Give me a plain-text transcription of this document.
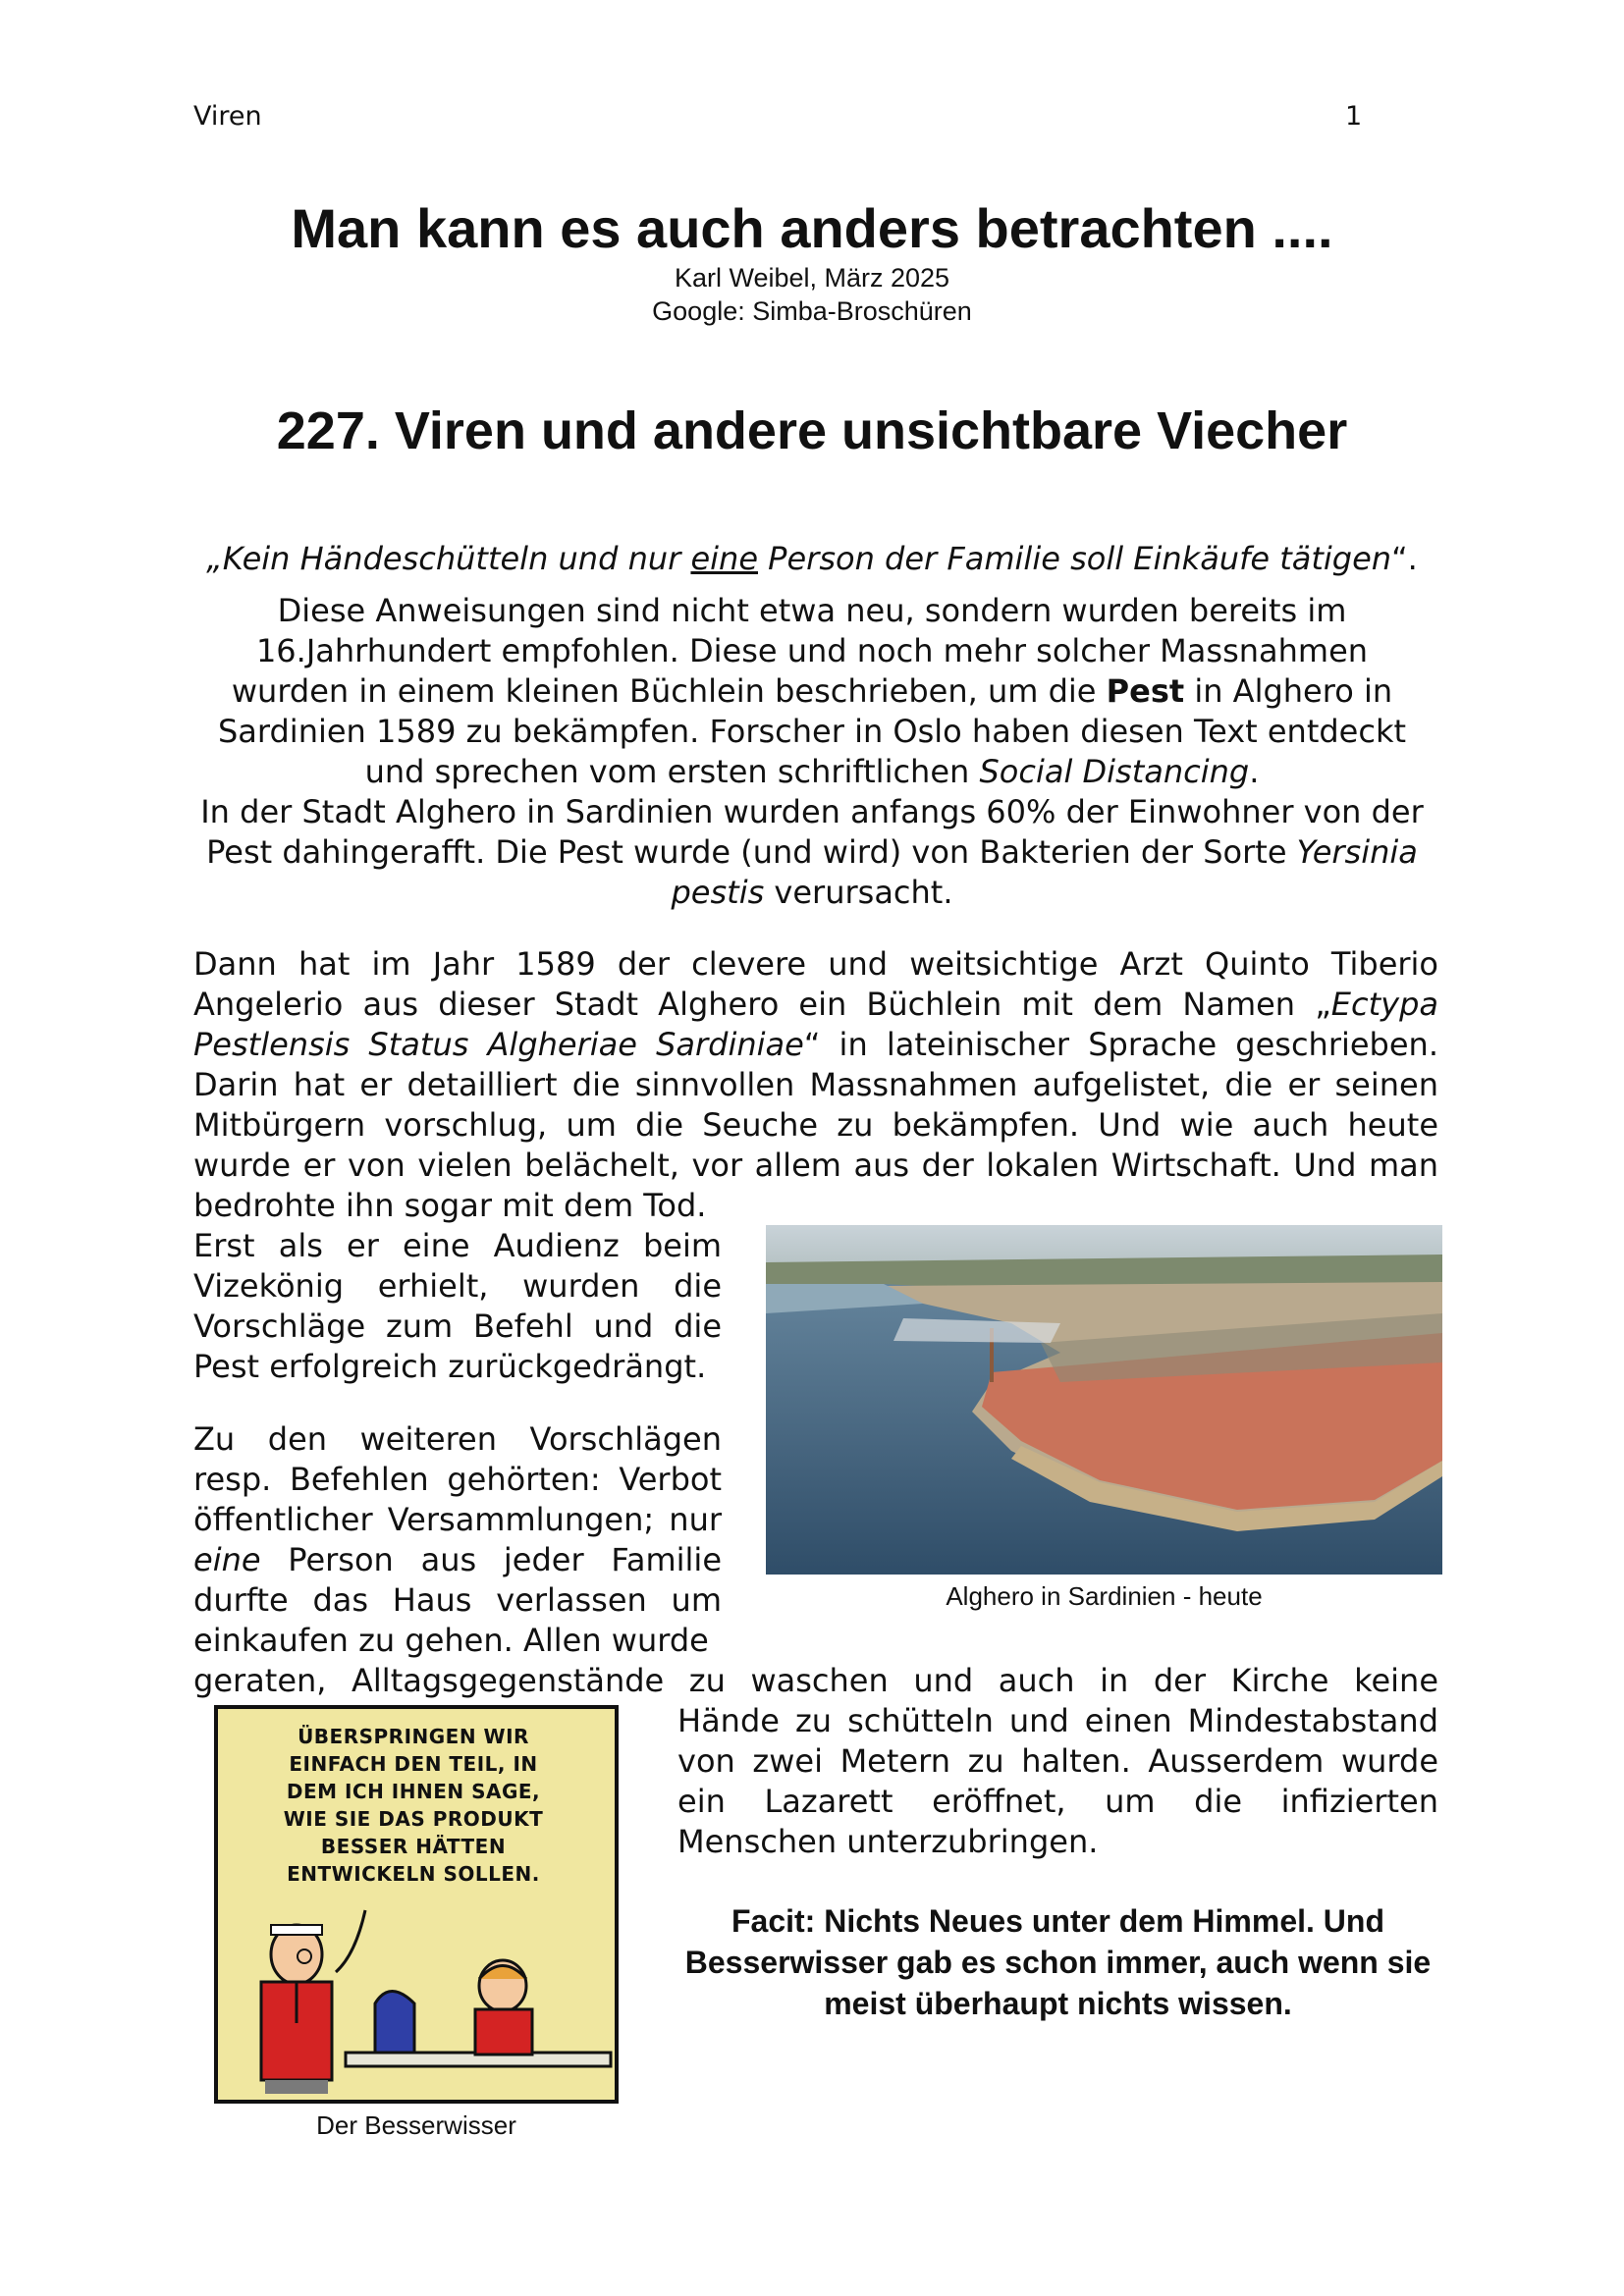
Viren	1
Man kann es auch anders betrachten ....
Karl Weibel, März 2025
Google: Simba-Broschüren
227. Viren und andere unsichtbare Viecher
„Kein Händeschütteln und nur eine Person der Familie soll Einkäufe tätigen“.

Diese Anweisungen sind nicht etwa neu, sondern wurden bereits im 16.Jahrhundert empfohlen. Diese und noch mehr solcher Massnahmen wurden in einem kleinen Büchlein beschrieben, um die Pest in Alghero in Sardinien 1589 zu bekämpfen. Forscher in Oslo haben diesen Text entdeckt und sprechen vom ersten schriftlichen Social Distancing.

In der Stadt Alghero in Sardinien wurden anfangs 60% der Einwohner von der Pest dahingerafft. Die Pest wurde (und wird) von Bakterien der Sorte Yersinia pestis verursacht.

Dann hat im Jahr 1589 der clevere und weitsichtige Arzt Quinto Tiberio Angelerio aus dieser Stadt Alghero ein Büchlein mit dem Namen „Ectypa Pestlensis Status Algheriae Sardiniae“ in lateinischer Sprache geschrieben. Darin hat er detailliert die sinnvollen Massnahmen aufgelistet, die er seinen Mitbürgern vorschlug, um die Seuche zu bekämpfen. Und wie auch heute wurde er von vielen belächelt, vor allem aus der lokalen Wirtschaft. Und man

bedrohte ihn sogar mit dem Tod.

Erst als er eine Audienz beim Vizekönig erhielt, wurden die Vorschläge zum Befehl und die Pest erfolgreich zurückgedrängt.

Zu den weiteren Vorschlägen resp. Befehlen gehörten: Verbot öffentlicher Versammlungen; nur eine Person aus jeder Familie durfte das Haus verlassen um einkaufen zu gehen. Allen wurde

geraten, Alltagsgegenstände zu waschen und auch in der Kirche keine

Hände zu schütteln und einen Mindestabstand von zwei Metern zu halten. Ausserdem wurde ein Lazarett eröffnet, um die infizierten Menschen unterzubringen.

Facit: Nichts Neues unter dem Himmel. Und Besserwisser gab es schon immer, auch wenn sie meist überhaupt nichts wissen.
Alghero in Sardinien - heute
ÜBERSPRINGEN WIR
EINFACH DEN TEIL, IN
DEM ICH IHNEN SAGE,
WIE SIE DAS PRODUKT
BESSER HÄTTEN
ENTWICKELN SOLLEN.
Der Besserwisser
